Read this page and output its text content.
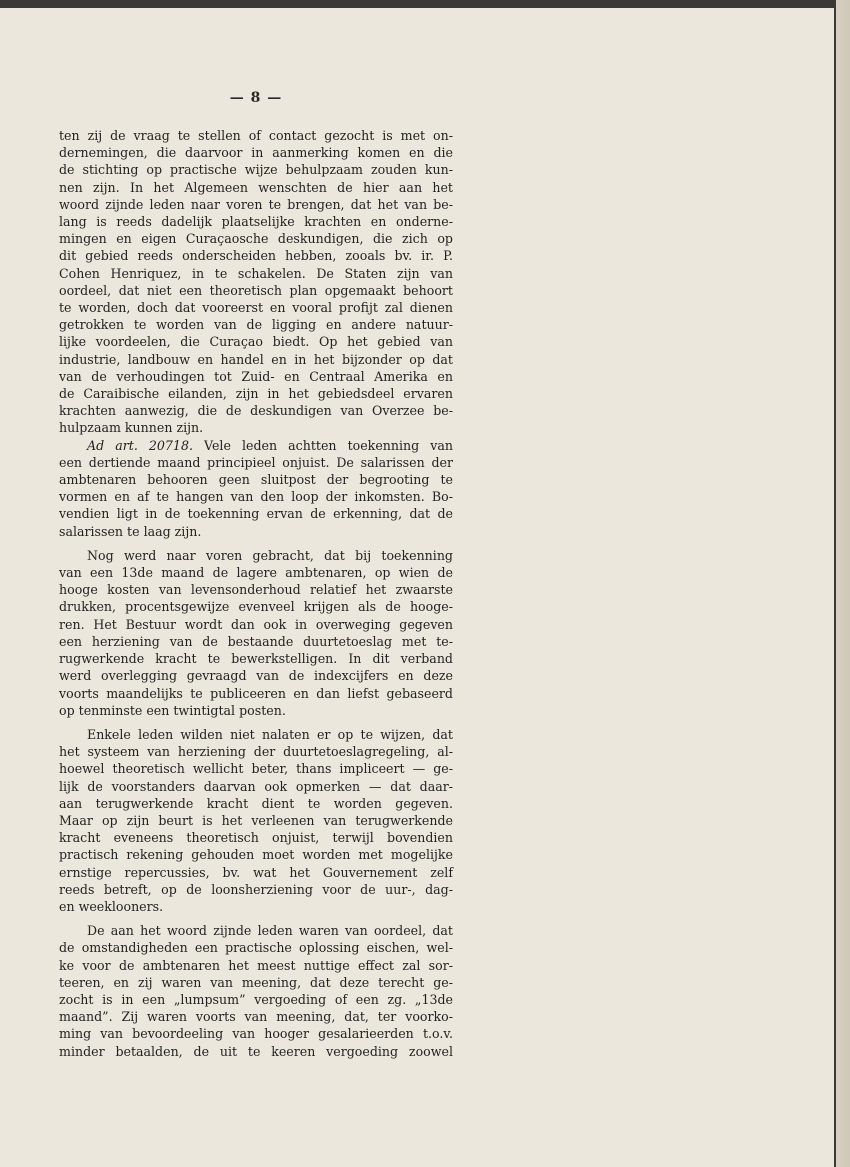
— 8 —
ten zij de vraag te stellen of contact gezocht is met on-
dernemingen, die daarvoor in aanmerking komen en die
de stichting op practische wijze behulpzaam zouden kun-
nen zijn. In het Algemeen wenschten de hier aan het
woord zijnde leden naar voren te brengen, dat het van be-
lang is reeds dadelijk plaatselijke krachten en onderne-
mingen en eigen Curaçaosche deskundigen, die zich op
dit gebied reeds onderscheiden hebben, zooals bv. ir. P.
Cohen Henriquez, in te schakelen. De Staten zijn van
oordeel, dat niet een theoretisch plan opgemaakt behoort
te worden, doch dat vooreerst en vooral profijt zal dienen
getrokken te worden van de ligging en andere natuur-
lijke voordeelen, die Curaçao biedt. Op het gebied van
industrie, landbouw en handel en in het bijzonder op dat
van de verhoudingen tot Zuid- en Centraal Amerika en
de Caraibische eilanden, zijn in het gebiedsdeel ervaren
krachten aanwezig, die de deskundigen van Overzee be-
hulpzaam kunnen zijn.
Ad art. 20718. Vele leden achtten toekenning van
een dertiende maand principieel onjuist. De salarissen der
ambtenaren behooren geen sluitpost der begrooting te
vormen en af te hangen van den loop der inkomsten. Bo-
vendien ligt in de toekenning ervan de erkenning, dat de
salarissen te laag zijn.
Nog werd naar voren gebracht, dat bij toekenning
van een 13de maand de lagere ambtenaren, op wien de
hooge kosten van levensonderhoud relatief het zwaarste
drukken, procentsgewijze evenveel krijgen als de hooge-
ren. Het Bestuur wordt dan ook in overweging gegeven
een herziening van de bestaande duurtetoeslag met te-
rugwerkende kracht te bewerkstelligen. In dit verband
werd overlegging gevraagd van de indexcijfers en deze
voorts maandelijks te publiceeren en dan liefst gebaseerd
op tenminste een twintigtal posten.
Enkele leden wilden niet nalaten er op te wijzen, dat
het systeem van herziening der duurtetoeslagregeling, al-
hoewel theoretisch wellicht beter, thans impliceert — ge-
lijk de voorstanders daarvan ook opmerken — dat daar-
aan terugwerkende kracht dient te worden gegeven.
Maar op zijn beurt is het verleenen van terugwerkende
kracht eveneens theoretisch onjuist, terwijl bovendien
practisch rekening gehouden moet worden met mogelijke
ernstige repercussies, bv. wat het Gouvernement zelf
reeds betreft, op de loonsherziening voor de uur-, dag-
en weeklooners.
De aan het woord zijnde leden waren van oordeel, dat
de omstandigheden een practische oplossing eischen, wel-
ke voor de ambtenaren het meest nuttige effect zal sor-
teeren, en zij waren van meening, dat deze terecht ge-
zocht is in een „lumpsum” vergoeding of een zg. „13de
maand”. Zij waren voorts van meening, dat, ter voorko-
ming van bevoordeeling van hooger gesalarieerden t.o.v.
minder betaalden, de uit te keeren vergoeding zoowel
